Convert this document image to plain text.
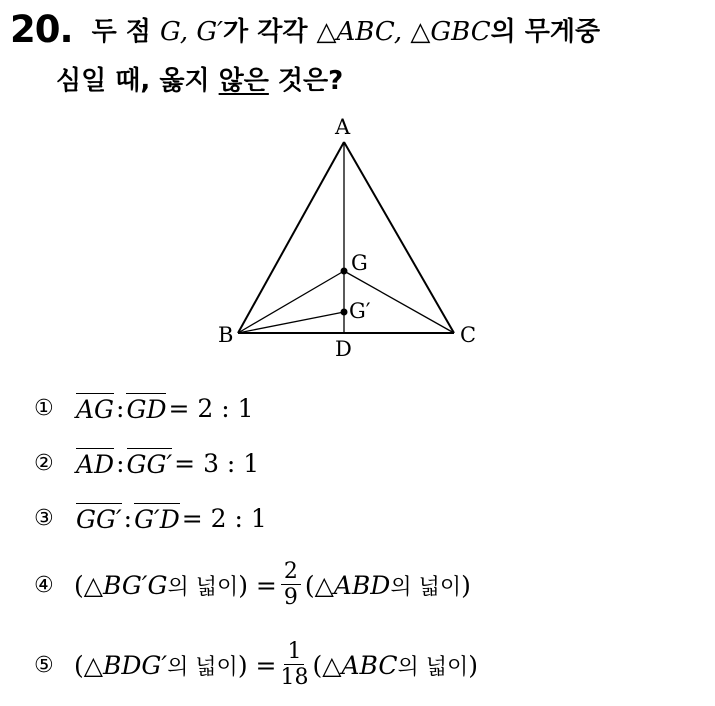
20. 두 점 G, G′가 각각 △ABC, △GBC의 무게중
심일 때, 옳지 않은 것은?
A
B	C
D
G
G′
① AG : GD = 2 : 1
② AD : GG′ = 3 : 1
③ GG′ : G′D = 2 : 1
④ ( △ BG′G 의 넓이 ) = $\frac{2}{9}$ ( △ ABD 의 넓이 )
⑤ ( △ BDG′ 의 넓이 ) = $\frac{1}{18}$ ( △ ABC 의 넓이 )
